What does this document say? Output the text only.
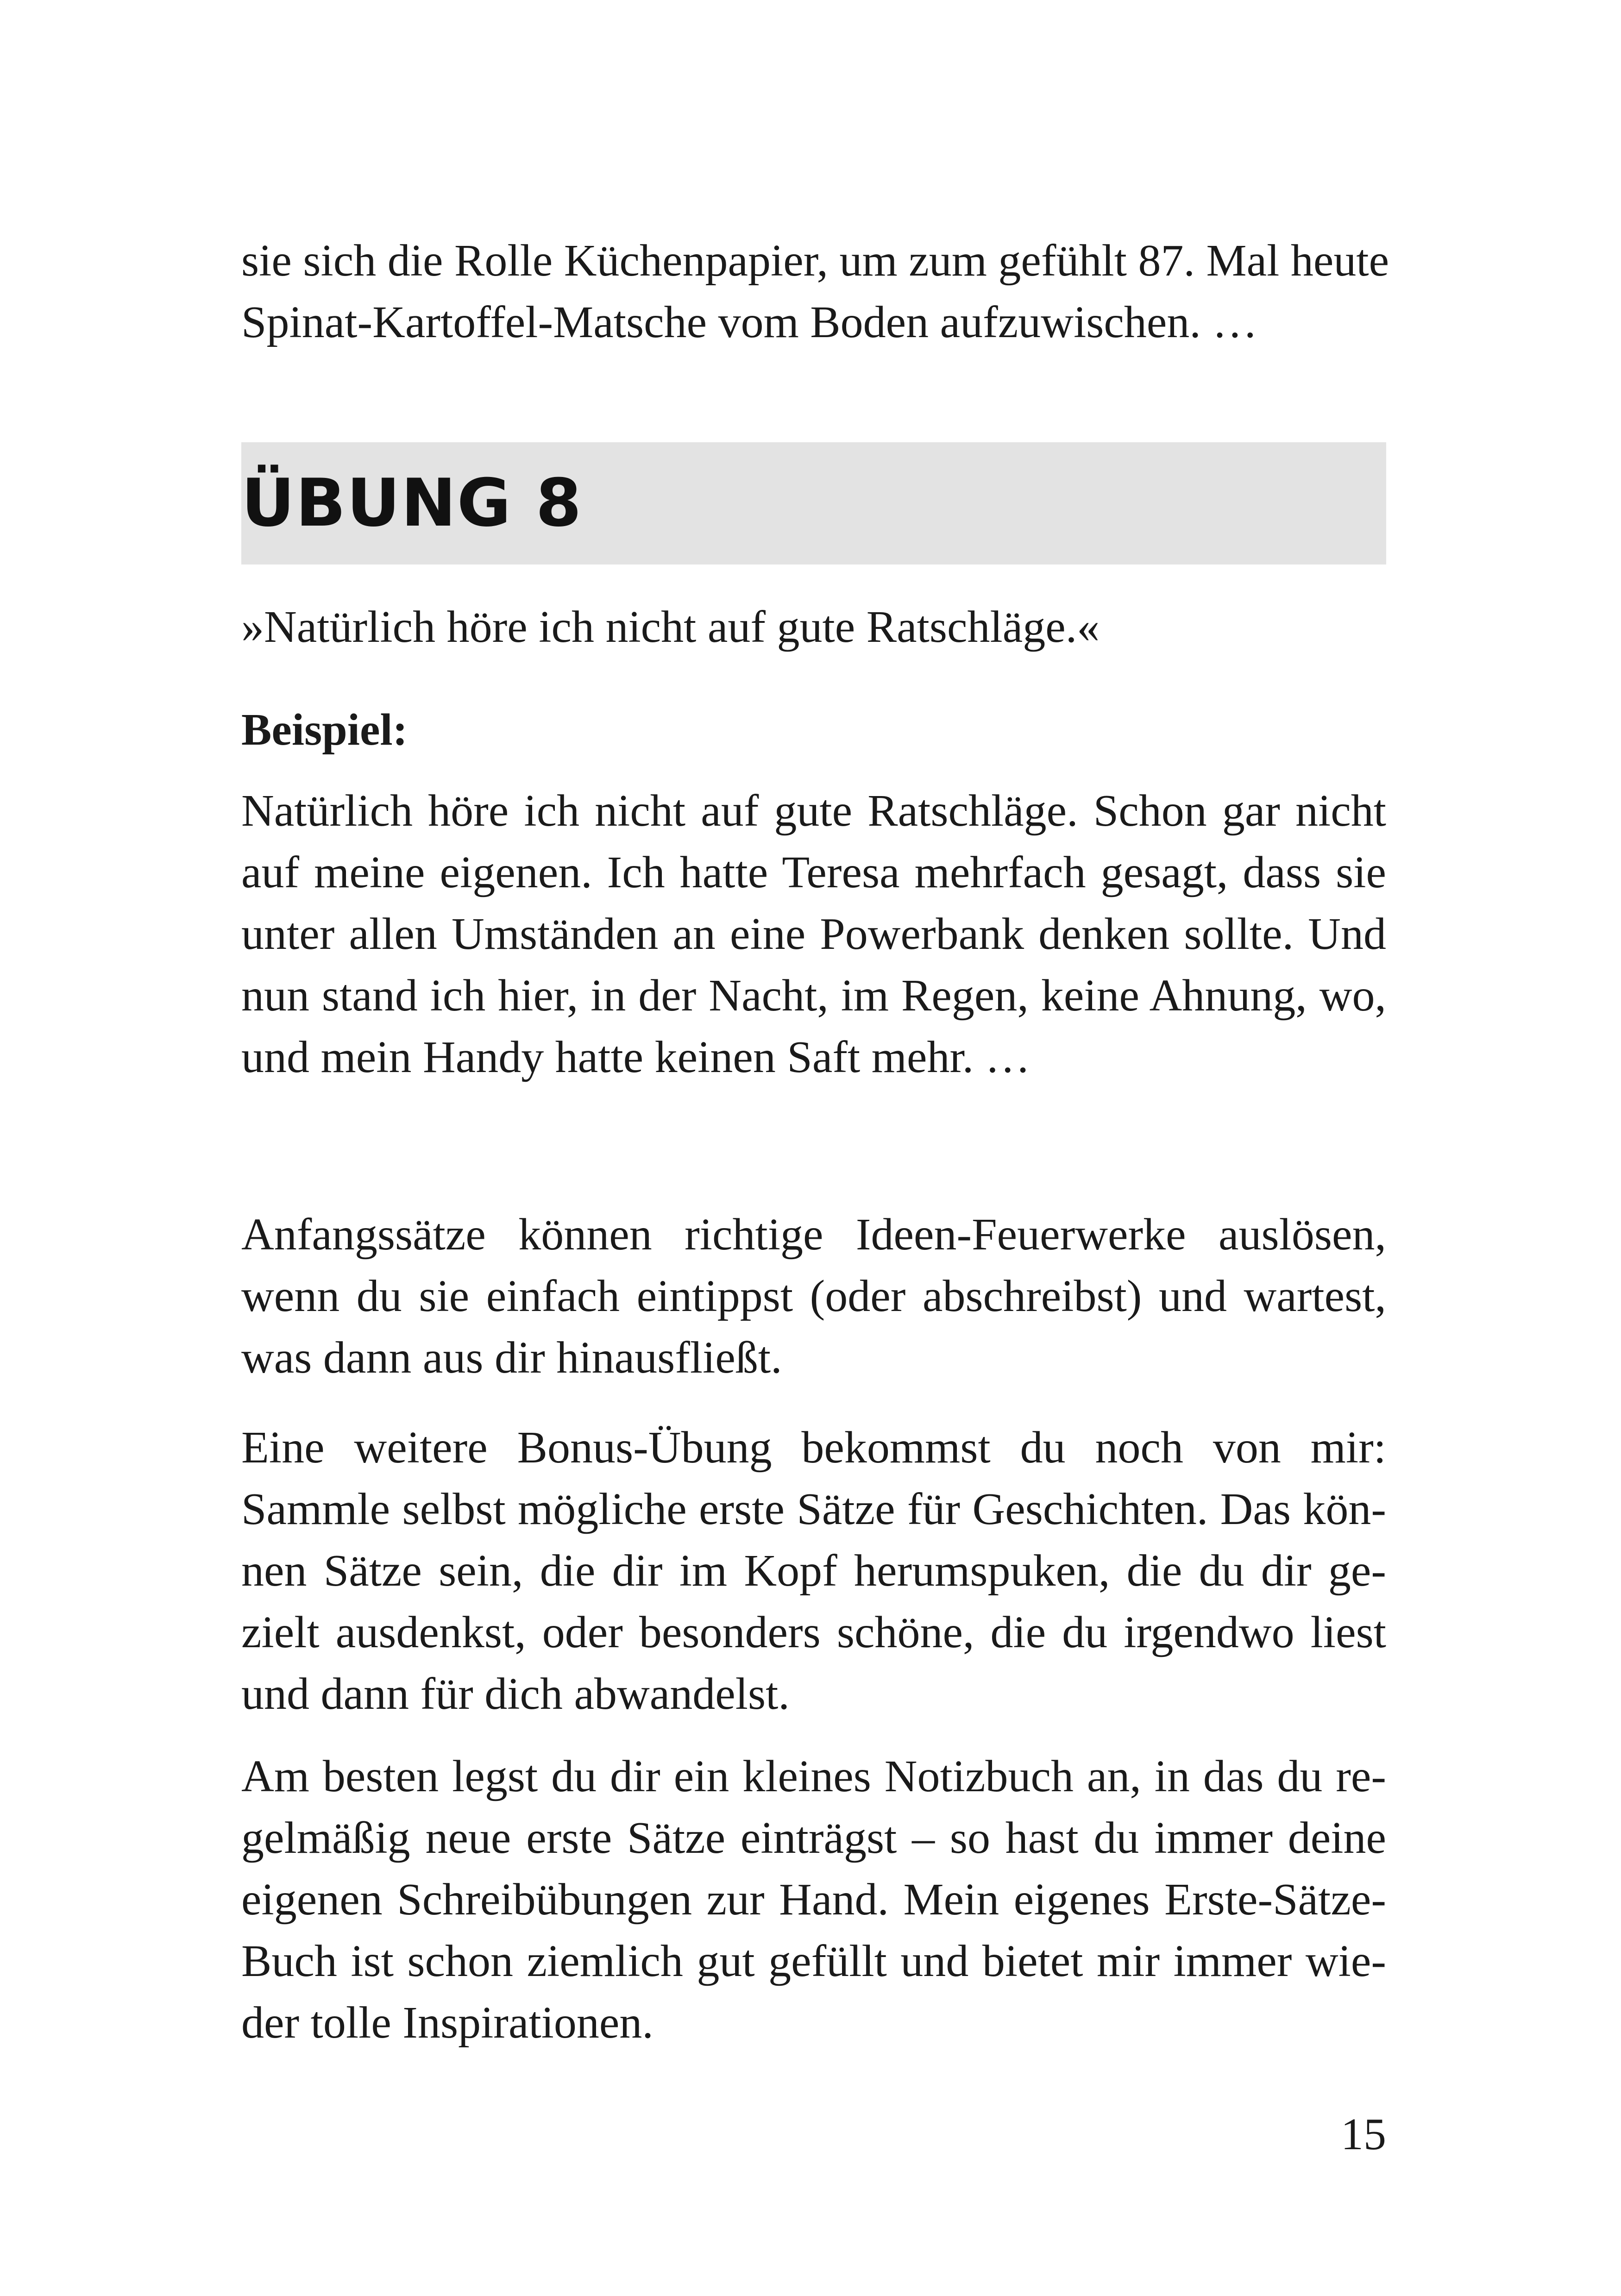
sie sich die Rolle Küchenpapier, um zum gefühlt 87. Mal heute
Spinat-Kartoffel-Matsche vom Boden aufzuwischen. …
ÜBUNG 8
»Natürlich höre ich nicht auf gute Ratschläge.«
Beispiel:
Natürlich höre ich nicht auf gute Ratschläge. Schon gar nicht
auf meine eigenen. Ich hatte Teresa mehrfach gesagt, dass sie
unter allen Umständen an eine Powerbank denken sollte. Und
nun stand ich hier, in der Nacht, im Regen, keine Ahnung, wo,
und mein Handy hatte keinen Saft mehr. …
Anfangssätze können richtige Ideen-Feuerwerke auslösen,
wenn du sie einfach eintippst (oder abschreibst) und wartest,
was dann aus dir hinausfließt.
Eine weitere Bonus-Übung bekommst du noch von mir:
Sammle selbst mögliche erste Sätze für Geschichten. Das kön-
nen Sätze sein, die dir im Kopf herumspuken, die du dir ge-
zielt ausdenkst, oder besonders schöne, die du irgendwo liest
und dann für dich abwandelst.
Am besten legst du dir ein kleines Notizbuch an, in das du re-
gelmäßig neue erste Sätze einträgst – so hast du immer deine
eigenen Schreibübungen zur Hand. Mein eigenes Erste-Sätze-
Buch ist schon ziemlich gut gefüllt und bietet mir immer wie-
der tolle Inspirationen.
15
